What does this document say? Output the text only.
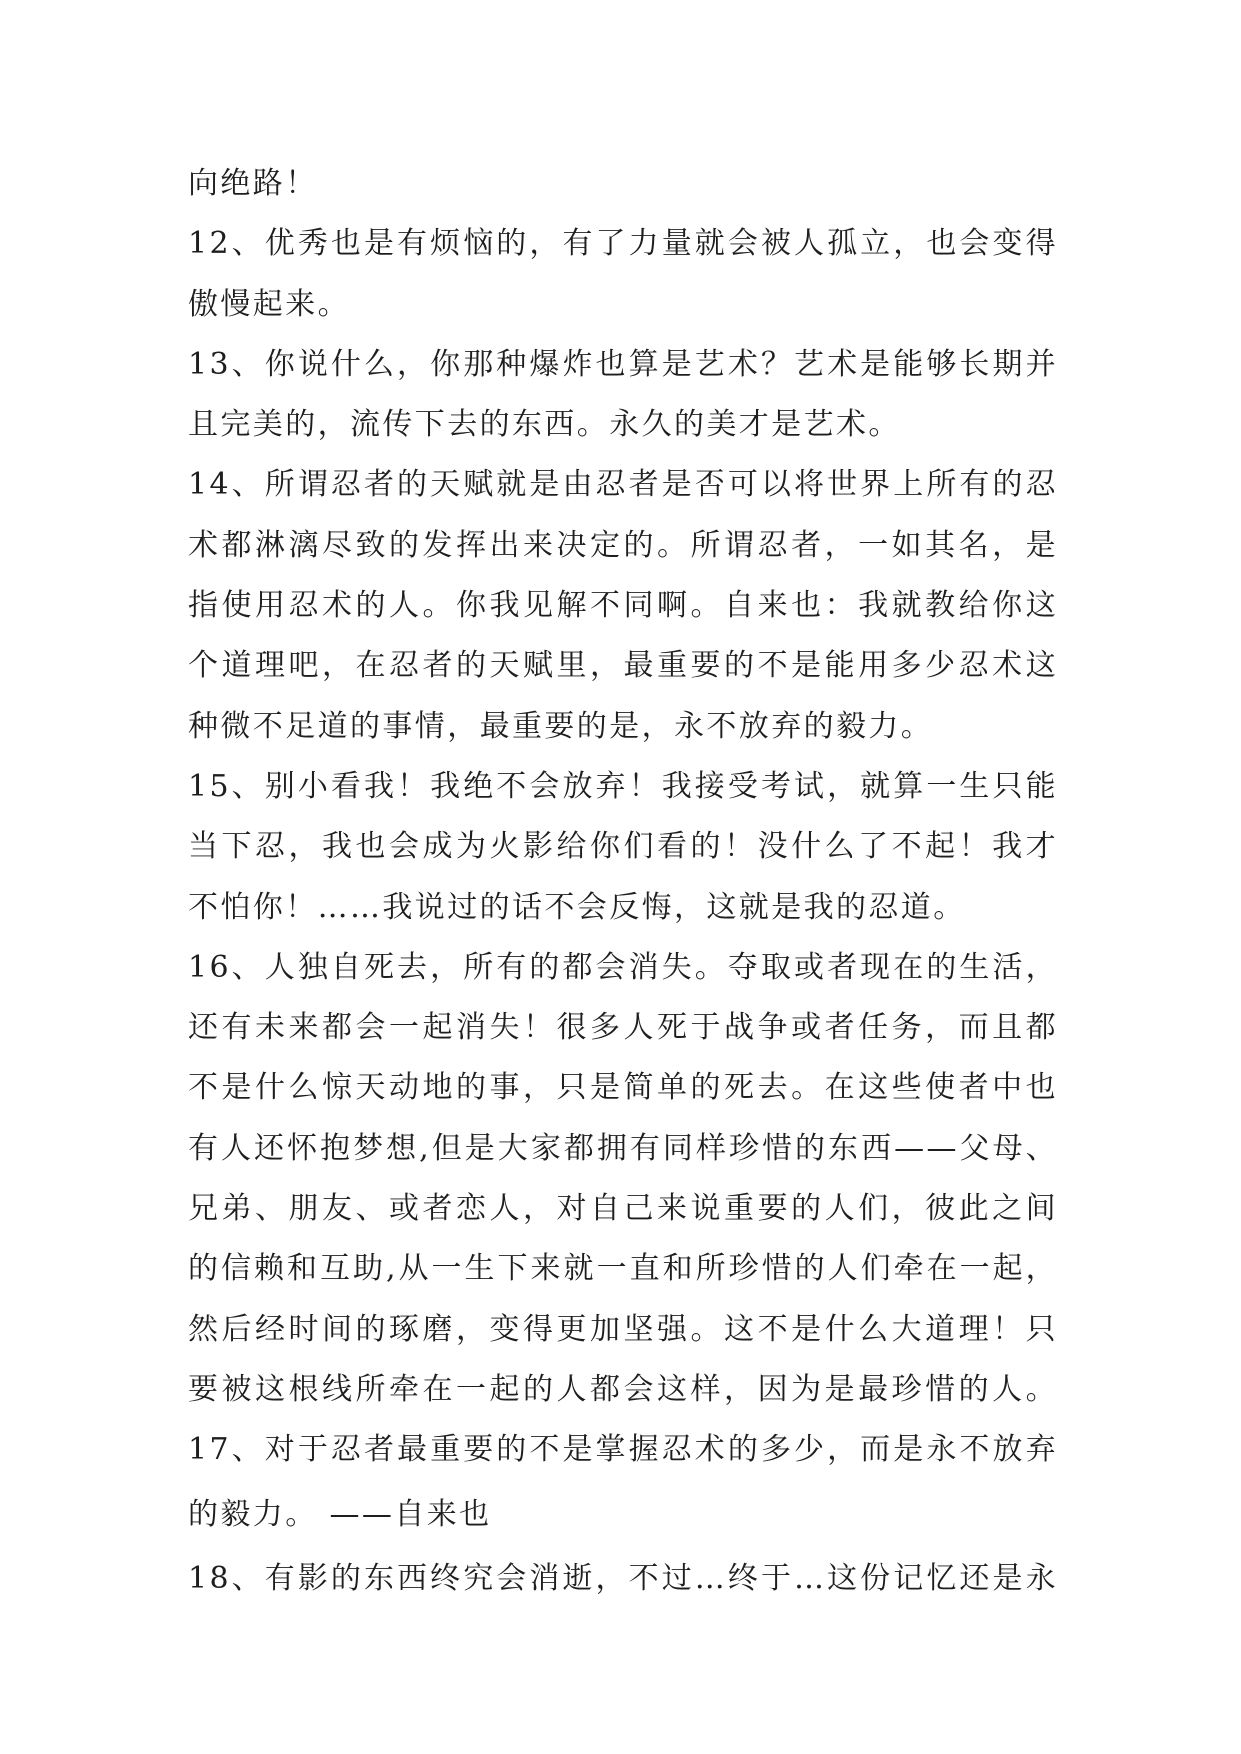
向绝路！
12、优秀也是有烦恼的，有了力量就会被人孤立，也会变得
傲慢起来。
13、你说什么，你那种爆炸也算是艺术？艺术是能够长期并
且完美的，流传下去的东西。永久的美才是艺术。
14、所谓忍者的天赋就是由忍者是否可以将世界上所有的忍
术都淋漓尽致的发挥出来决定的。所谓忍者，一如其名，是
指使用忍术的人。你我见解不同啊。自来也：我就教给你这
个道理吧，在忍者的天赋里，最重要的不是能用多少忍术这
种微不足道的事情，最重要的是，永不放弃的毅力。
15、别小看我！我绝不会放弃！我接受考试，就算一生只能
当下忍，我也会成为火影给你们看的！没什么了不起！我才
不怕你！……我说过的话不会反悔，这就是我的忍道。
16、人独自死去，所有的都会消失。夺取或者现在的生活，
还有未来都会一起消失！很多人死于战争或者任务，而且都
不是什么惊天动地的事，只是简单的死去。在这些使者中也
有人还怀抱梦想,但是大家都拥有同样珍惜的东西——父母、
兄弟、朋友、或者恋人，对自己来说重要的人们，彼此之间
的信赖和互助,从一生下来就一直和所珍惜的人们牵在一起，
然后经时间的琢磨，变得更加坚强。这不是什么大道理！只
要被这根线所牵在一起的人都会这样，因为是最珍惜的人。
17、对于忍者最重要的不是掌握忍术的多少，而是永不放弃
的毅力。 ——自来也
18、有影的东西终究会消逝，不过…终于…这份记忆还是永
